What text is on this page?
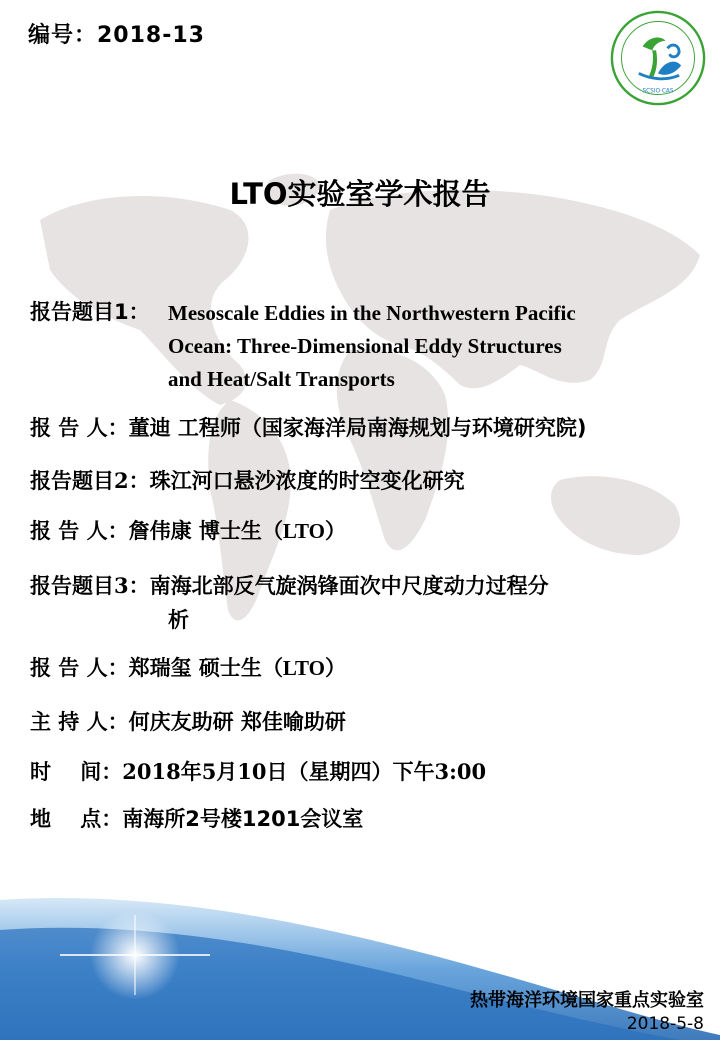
编号：2018-13
SCSIO·CAS
LTO实验室学术报告
报告题目1： Mesoscale Eddies in the Northwestern Pacific
Ocean: Three-Dimensional Eddy Structures
and Heat/Salt Transports
报 告 人：董迪 工程师（国家海洋局南海规划与环境研究院)
报告题目2：珠江河口悬沙浓度的时空变化研究
报 告 人：詹伟康 博士生（LTO）
报告题目3：南海北部反气旋涡锋面次中尺度动力过程分
析
报 告 人：郑瑞玺 硕士生（LTO）
主 持 人：何庆友助研 郑佳喻助研
时    间：2018年5月10日（星期四）下午3:00
地    点：南海所2号楼1201会议室
热带海洋环境国家重点实验室
2018-5-8
